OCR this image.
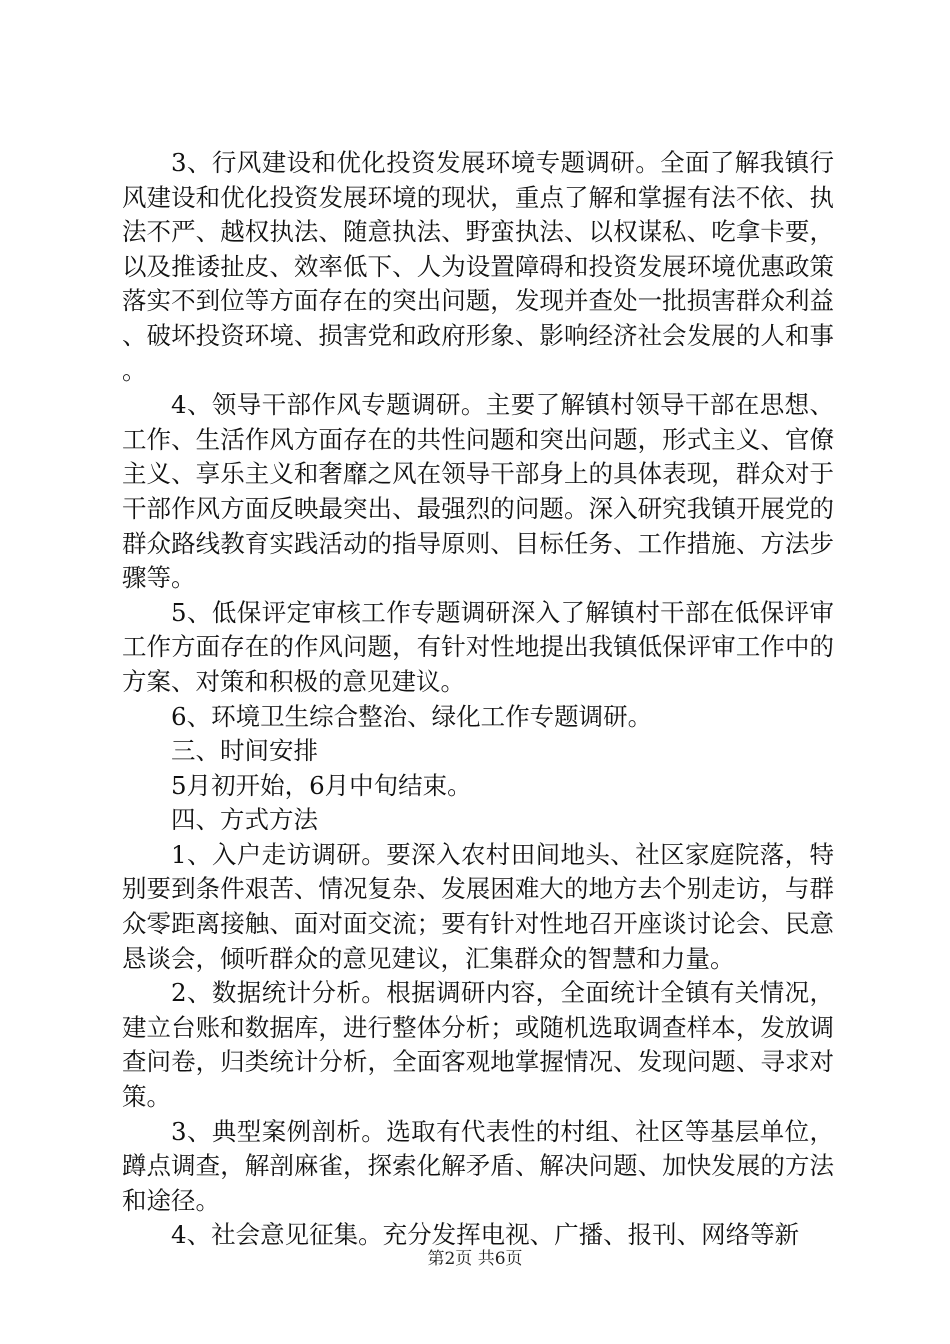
3、行风建设和优化投资发展环境专题调研。全面了解我镇行风建设和优化投资发展环境的现状，重点了解和掌握有法不依、执法不严、越权执法、随意执法、野蛮执法、以权谋私、吃拿卡要，以及推诿扯皮、效率低下、人为设置障碍和投资发展环境优惠政策落实不到位等方面存在的突出问题，发现并查处一批损害群众利益、破坏投资环境、损害党和政府形象、影响经济社会发展的人和事。

4、领导干部作风专题调研。主要了解镇村领导干部在思想、工作、生活作风方面存在的共性问题和突出问题，形式主义、官僚主义、享乐主义和奢靡之风在领导干部身上的具体表现，群众对于干部作风方面反映最突出、最强烈的问题。深入研究我镇开展党的群众路线教育实践活动的指导原则、目标任务、工作措施、方法步骤等。

5、低保评定审核工作专题调研深入了解镇村干部在低保评审工作方面存在的作风问题，有针对性地提出我镇低保评审工作中的方案、对策和积极的意见建议。

6、环境卫生综合整治、绿化工作专题调研。

三、时间安排

5月初开始，6月中旬结束。

四、方式方法

1、入户走访调研。要深入农村田间地头、社区家庭院落，特别要到条件艰苦、情况复杂、发展困难大的地方去个别走访，与群众零距离接触、面对面交流；要有针对性地召开座谈讨论会、民意恳谈会，倾听群众的意见建议，汇集群众的智慧和力量。

2、数据统计分析。根据调研内容，全面统计全镇有关情况，建立台账和数据库，进行整体分析；或随机选取调查样本，发放调查问卷，归类统计分析，全面客观地掌握情况、发现问题、寻求对策。

3、典型案例剖析。选取有代表性的村组、社区等基层单位，蹲点调查，解剖麻雀，探索化解矛盾、解决问题、加快发展的方法和途径。

4、社会意见征集。充分发挥电视、广播、报刊、网络等新

第2页 共6页
